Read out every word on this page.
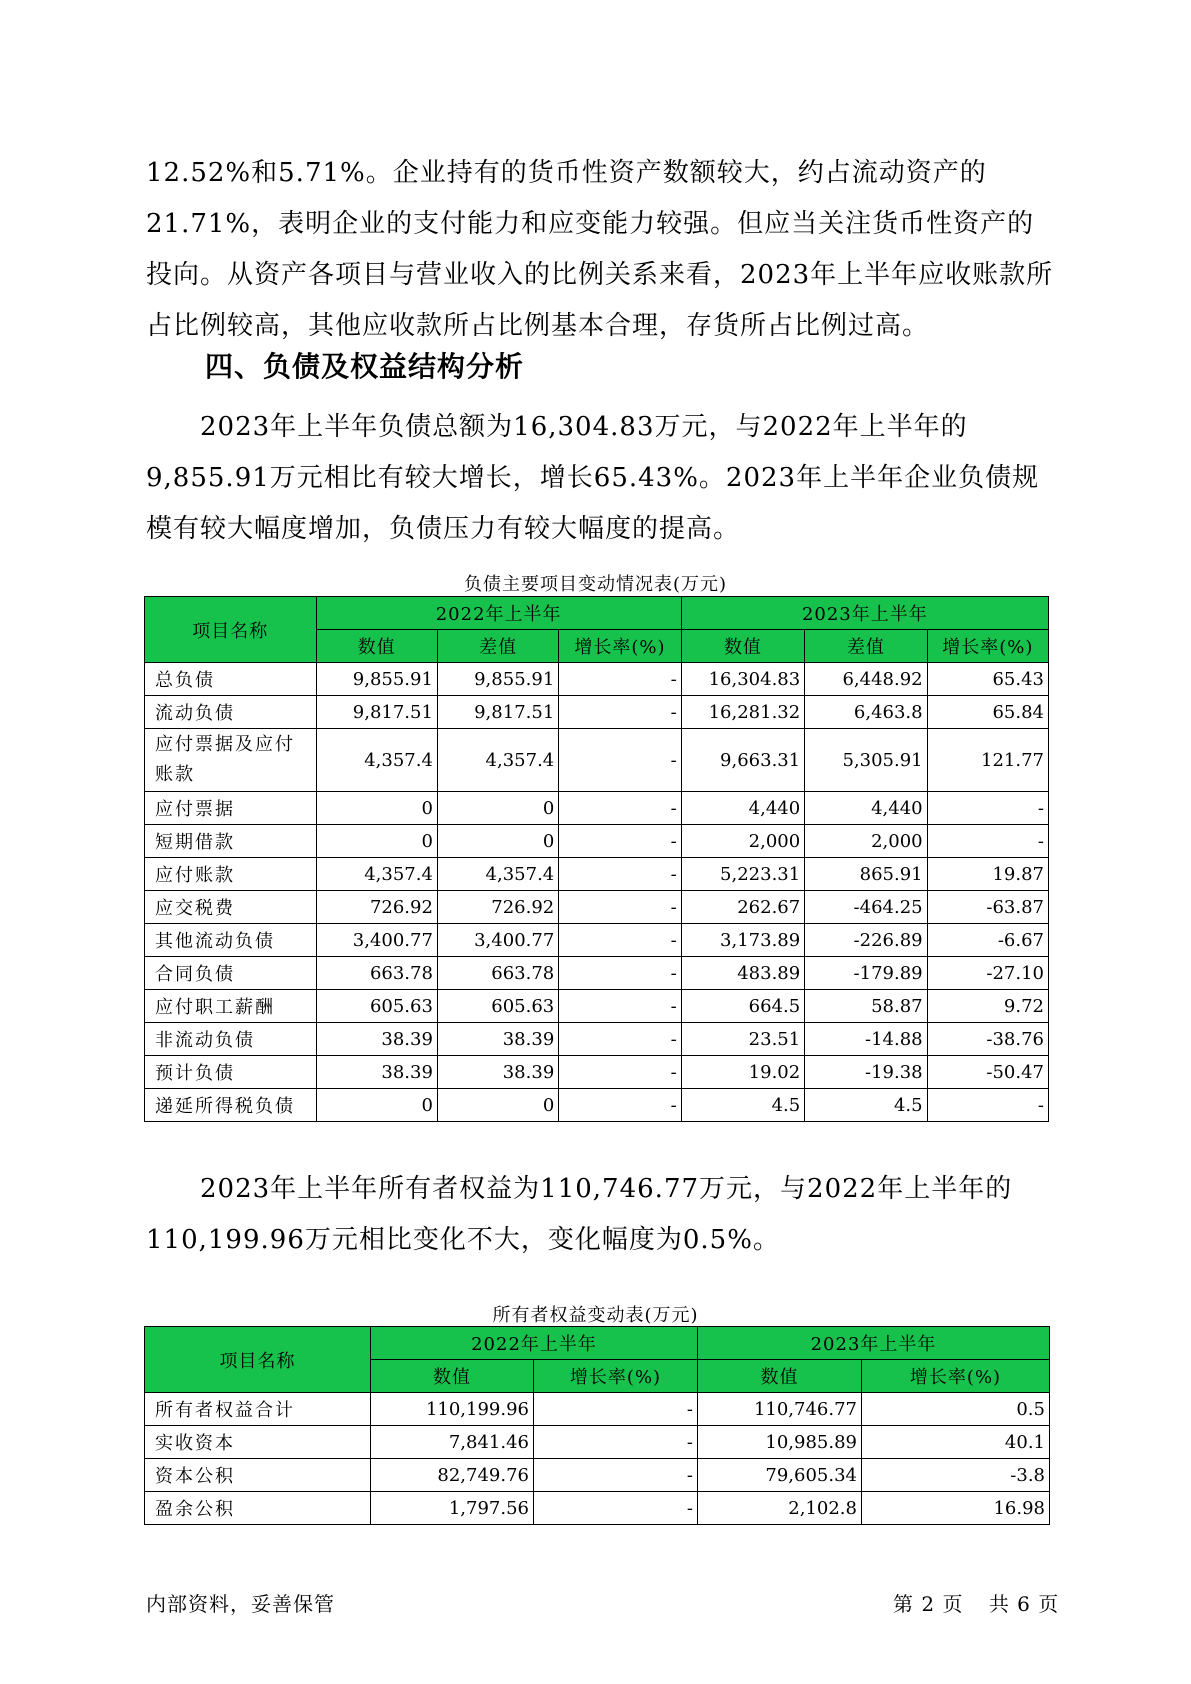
12.52%和5.71%。企业持有的货币性资产数额较大，约占流动资产的21.71%，表明企业的支付能力和应变能力较强。但应当关注货币性资产的投向。从资产各项目与营业收入的比例关系来看，2023年上半年应收账款所占比例较高，其他应收款所占比例基本合理，存货所占比例过高。

四、负债及权益结构分析

2023年上半年负债总额为16,304.83万元，与2022年上半年的9,855.91万元相比有较大增长，增长65.43%。2023年上半年企业负债规模有较大幅度增加，负债压力有较大幅度的提高。

负债主要项目变动情况表(万元)
项目名称	2022年上半年			2023年上半年		
	数值	差值	增长率(%)	数值	差值	增长率(%)
总负债	9,855.91	9,855.91	-	16,304.83	6,448.92	65.43
流动负债	9,817.51	9,817.51	-	16,281.32	6,463.8	65.84
应付票据及应付账款	4,357.4	4,357.4	-	9,663.31	5,305.91	121.77
应付票据	0	0	-	4,440	4,440	-
短期借款	0	0	-	2,000	2,000	-
应付账款	4,357.4	4,357.4	-	5,223.31	865.91	19.87
应交税费	726.92	726.92	-	262.67	-464.25	-63.87
其他流动负债	3,400.77	3,400.77	-	3,173.89	-226.89	-6.67
合同负债	663.78	663.78	-	483.89	-179.89	-27.10
应付职工薪酬	605.63	605.63	-	664.5	58.87	9.72
非流动负债	38.39	38.39	-	23.51	-14.88	-38.76
预计负债	38.39	38.39	-	19.02	-19.38	-50.47
递延所得税负债	0	0	-	4.5	4.5	-

2023年上半年所有者权益为110,746.77万元，与2022年上半年的110,199.96万元相比变化不大，变化幅度为0.5%。

所有者权益变动表(万元)
项目名称	2022年上半年		2023年上半年	
	数值	增长率(%)	数值	增长率(%)
所有者权益合计	110,199.96	-	110,746.77	0.5
实收资本	7,841.46	-	10,985.89	40.1
资本公积	82,749.76	-	79,605.34	-3.8
盈余公积	1,797.56	-	2,102.8	16.98
内部资料，妥善保管	第 2 页 共 6 页
